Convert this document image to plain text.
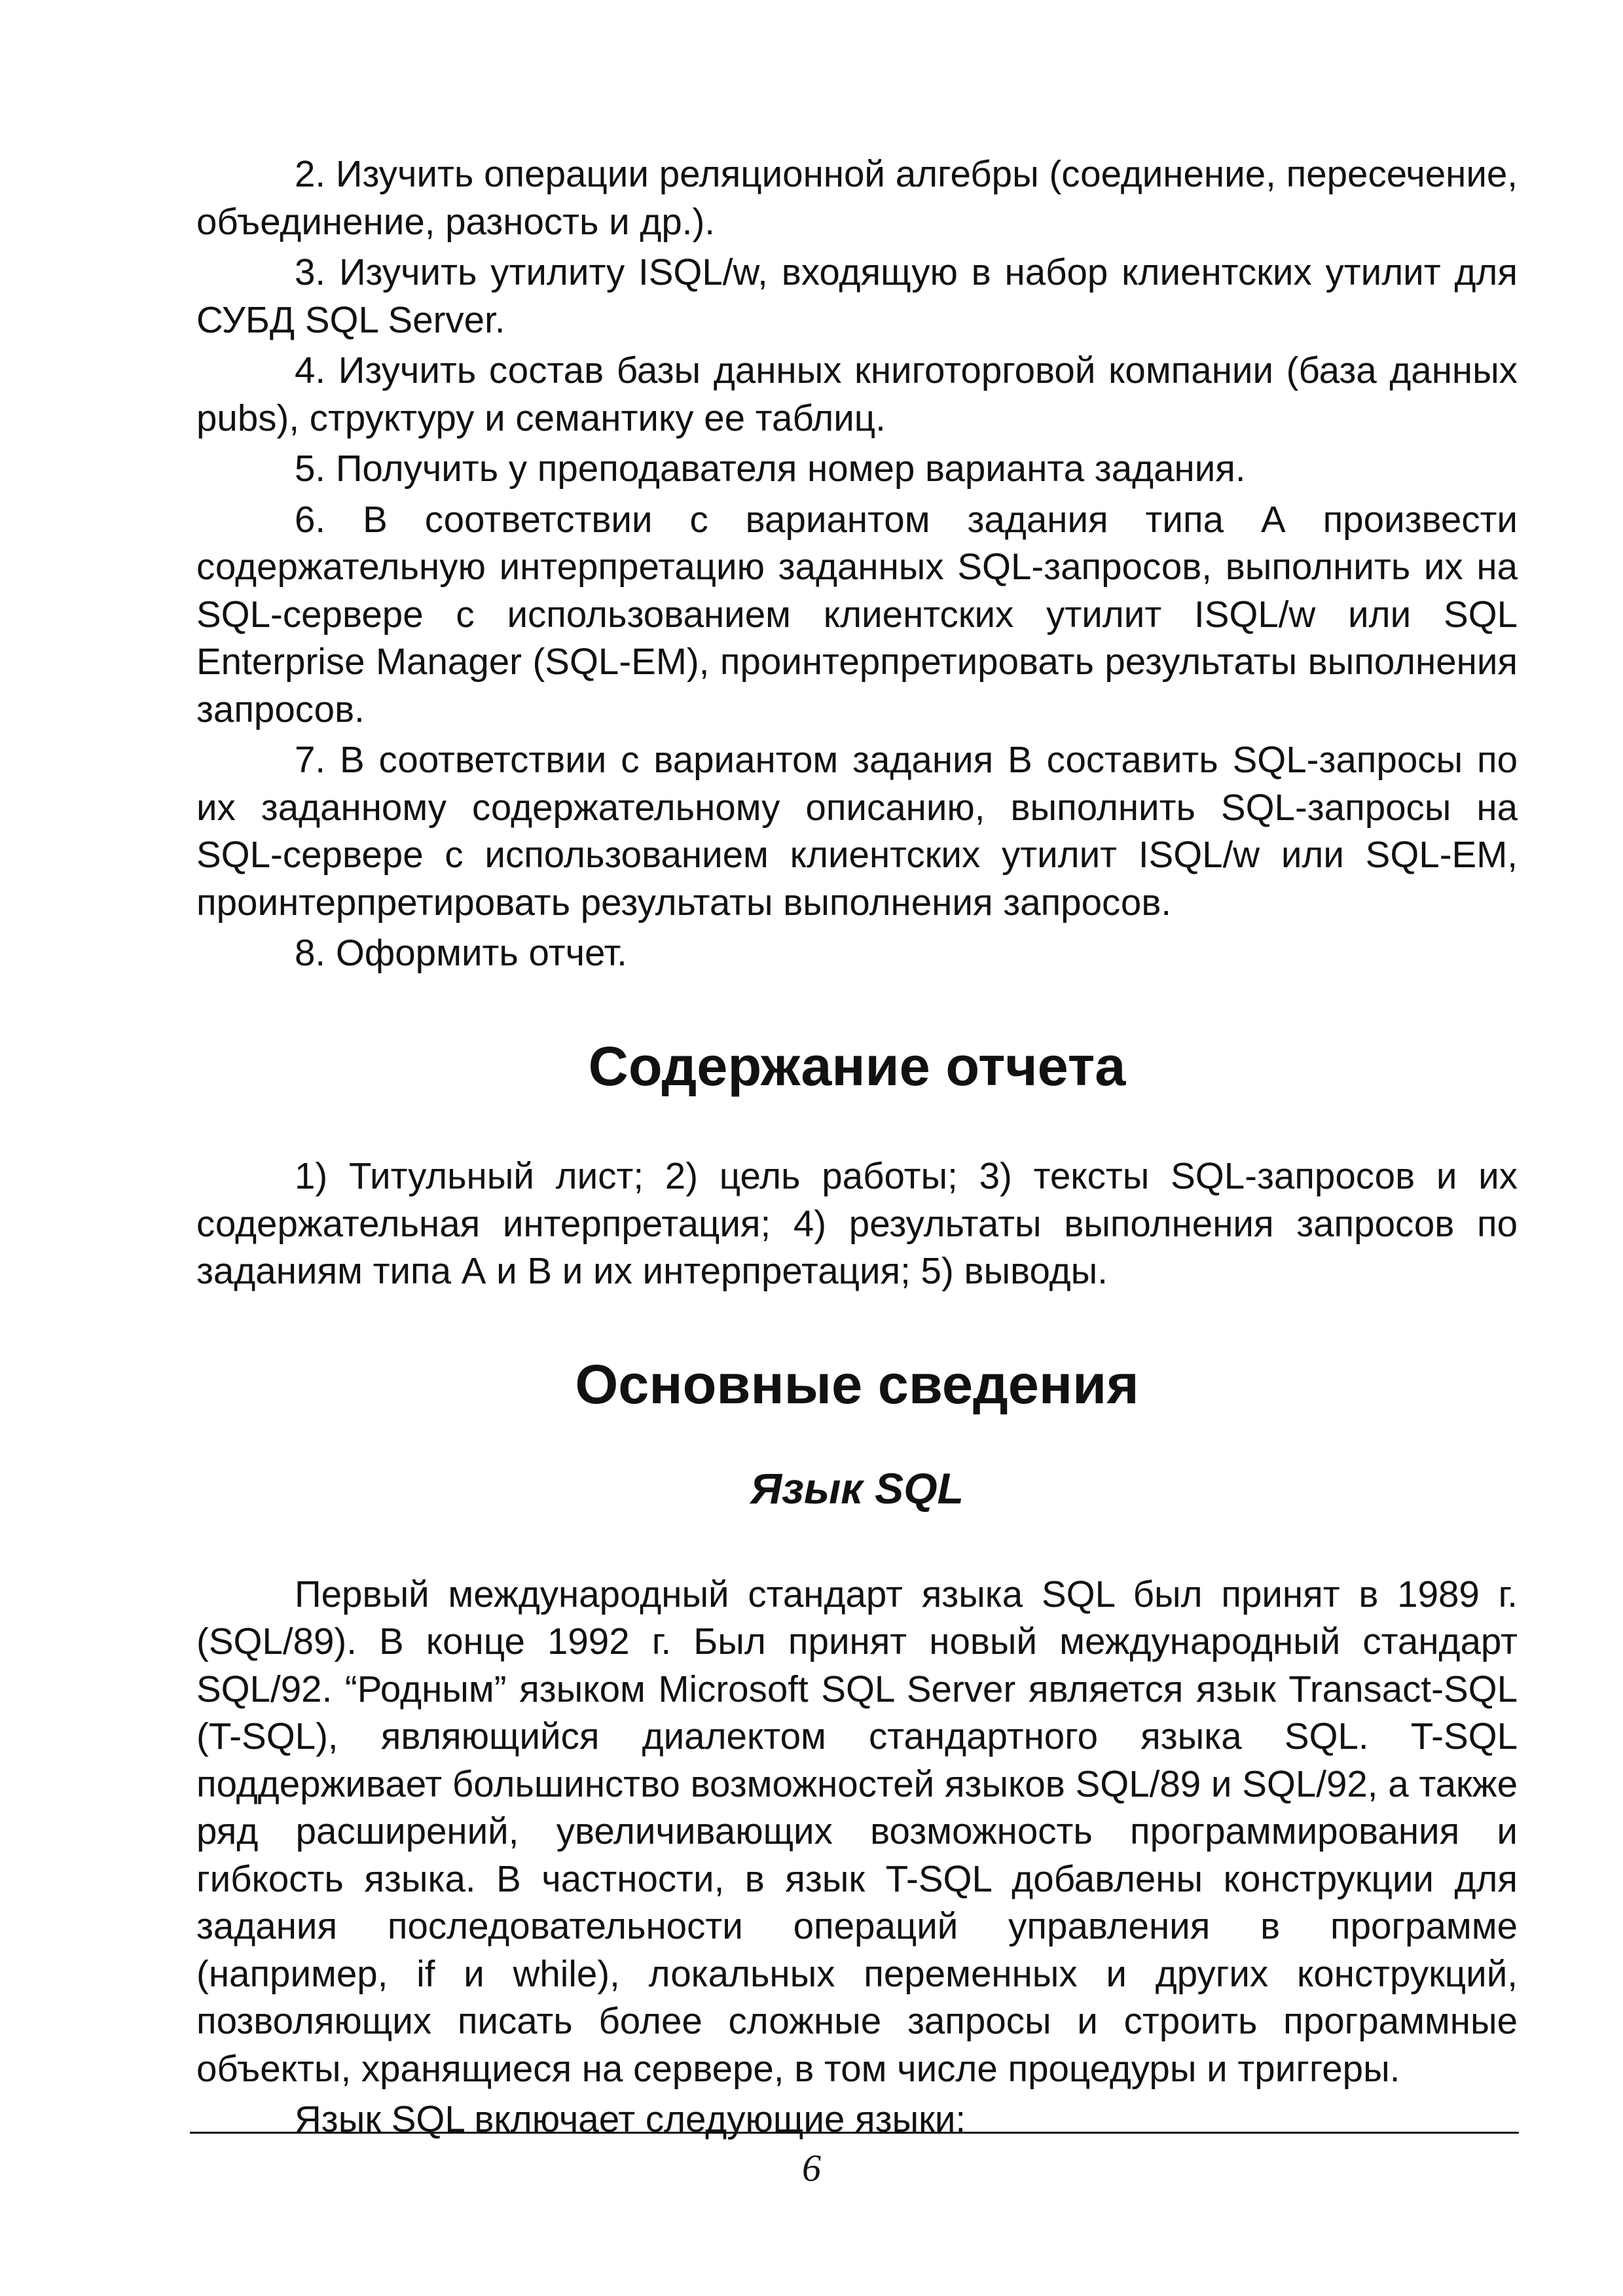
2. Изучить операции реляционной алгебры (соединение, пересечение, объединение, разность и др.).

3. Изучить утилиту ISQL/w, входящую в набор клиентских утилит для СУБД SQL Server.

4. Изучить состав базы данных книготорговой компании (база данных pubs), структуру и семантику ее таблиц.

5. Получить у преподавателя номер варианта задания.

6. В соответствии с вариантом задания типа А произвести содержательную интерпретацию заданных SQL-запросов, выполнить их на SQL-сервере с использованием клиентских утилит ISQL/w или SQL Enterprise Manager (SQL-EM), проинтерпретировать результаты выполнения запросов.

7. В соответствии с вариантом задания В составить SQL-запросы по их заданному содержательному описанию, выполнить SQL-запросы на SQL-сервере с использованием клиентских утилит ISQL/w или SQL-EM, проинтерпретировать результаты выполнения запросов.

8. Оформить отчет.

Содержание отчета

1) Титульный лист; 2) цель работы; 3) тексты SQL-запросов и их содержательная интерпретация; 4) результаты выполнения запросов по заданиям типа А и В и их интерпретация; 5) выводы.

Основные сведения
Язык SQL

Первый международный стандарт языка SQL был принят в 1989 г. (SQL/89). В конце 1992 г. Был принят новый международный стандарт SQL/92. “Родным” языком Microsoft SQL Server является язык Transact-SQL (T-SQL), являющийся диалектом стандартного языка SQL. T-SQL поддерживает большинство возможностей языков SQL/89 и SQL/92, а также ряд расширений, увеличивающих возможность программирования и гибкость языка. В частности, в язык T-SQL добавлены конструкции для задания последовательности операций управления в программе (например, if и while), локальных переменных и других конструкций, позволяющих писать более сложные запросы и строить программные объекты, хранящиеся на сервере, в том числе процедуры и триггеры.

Язык SQL включает следующие языки:

6
